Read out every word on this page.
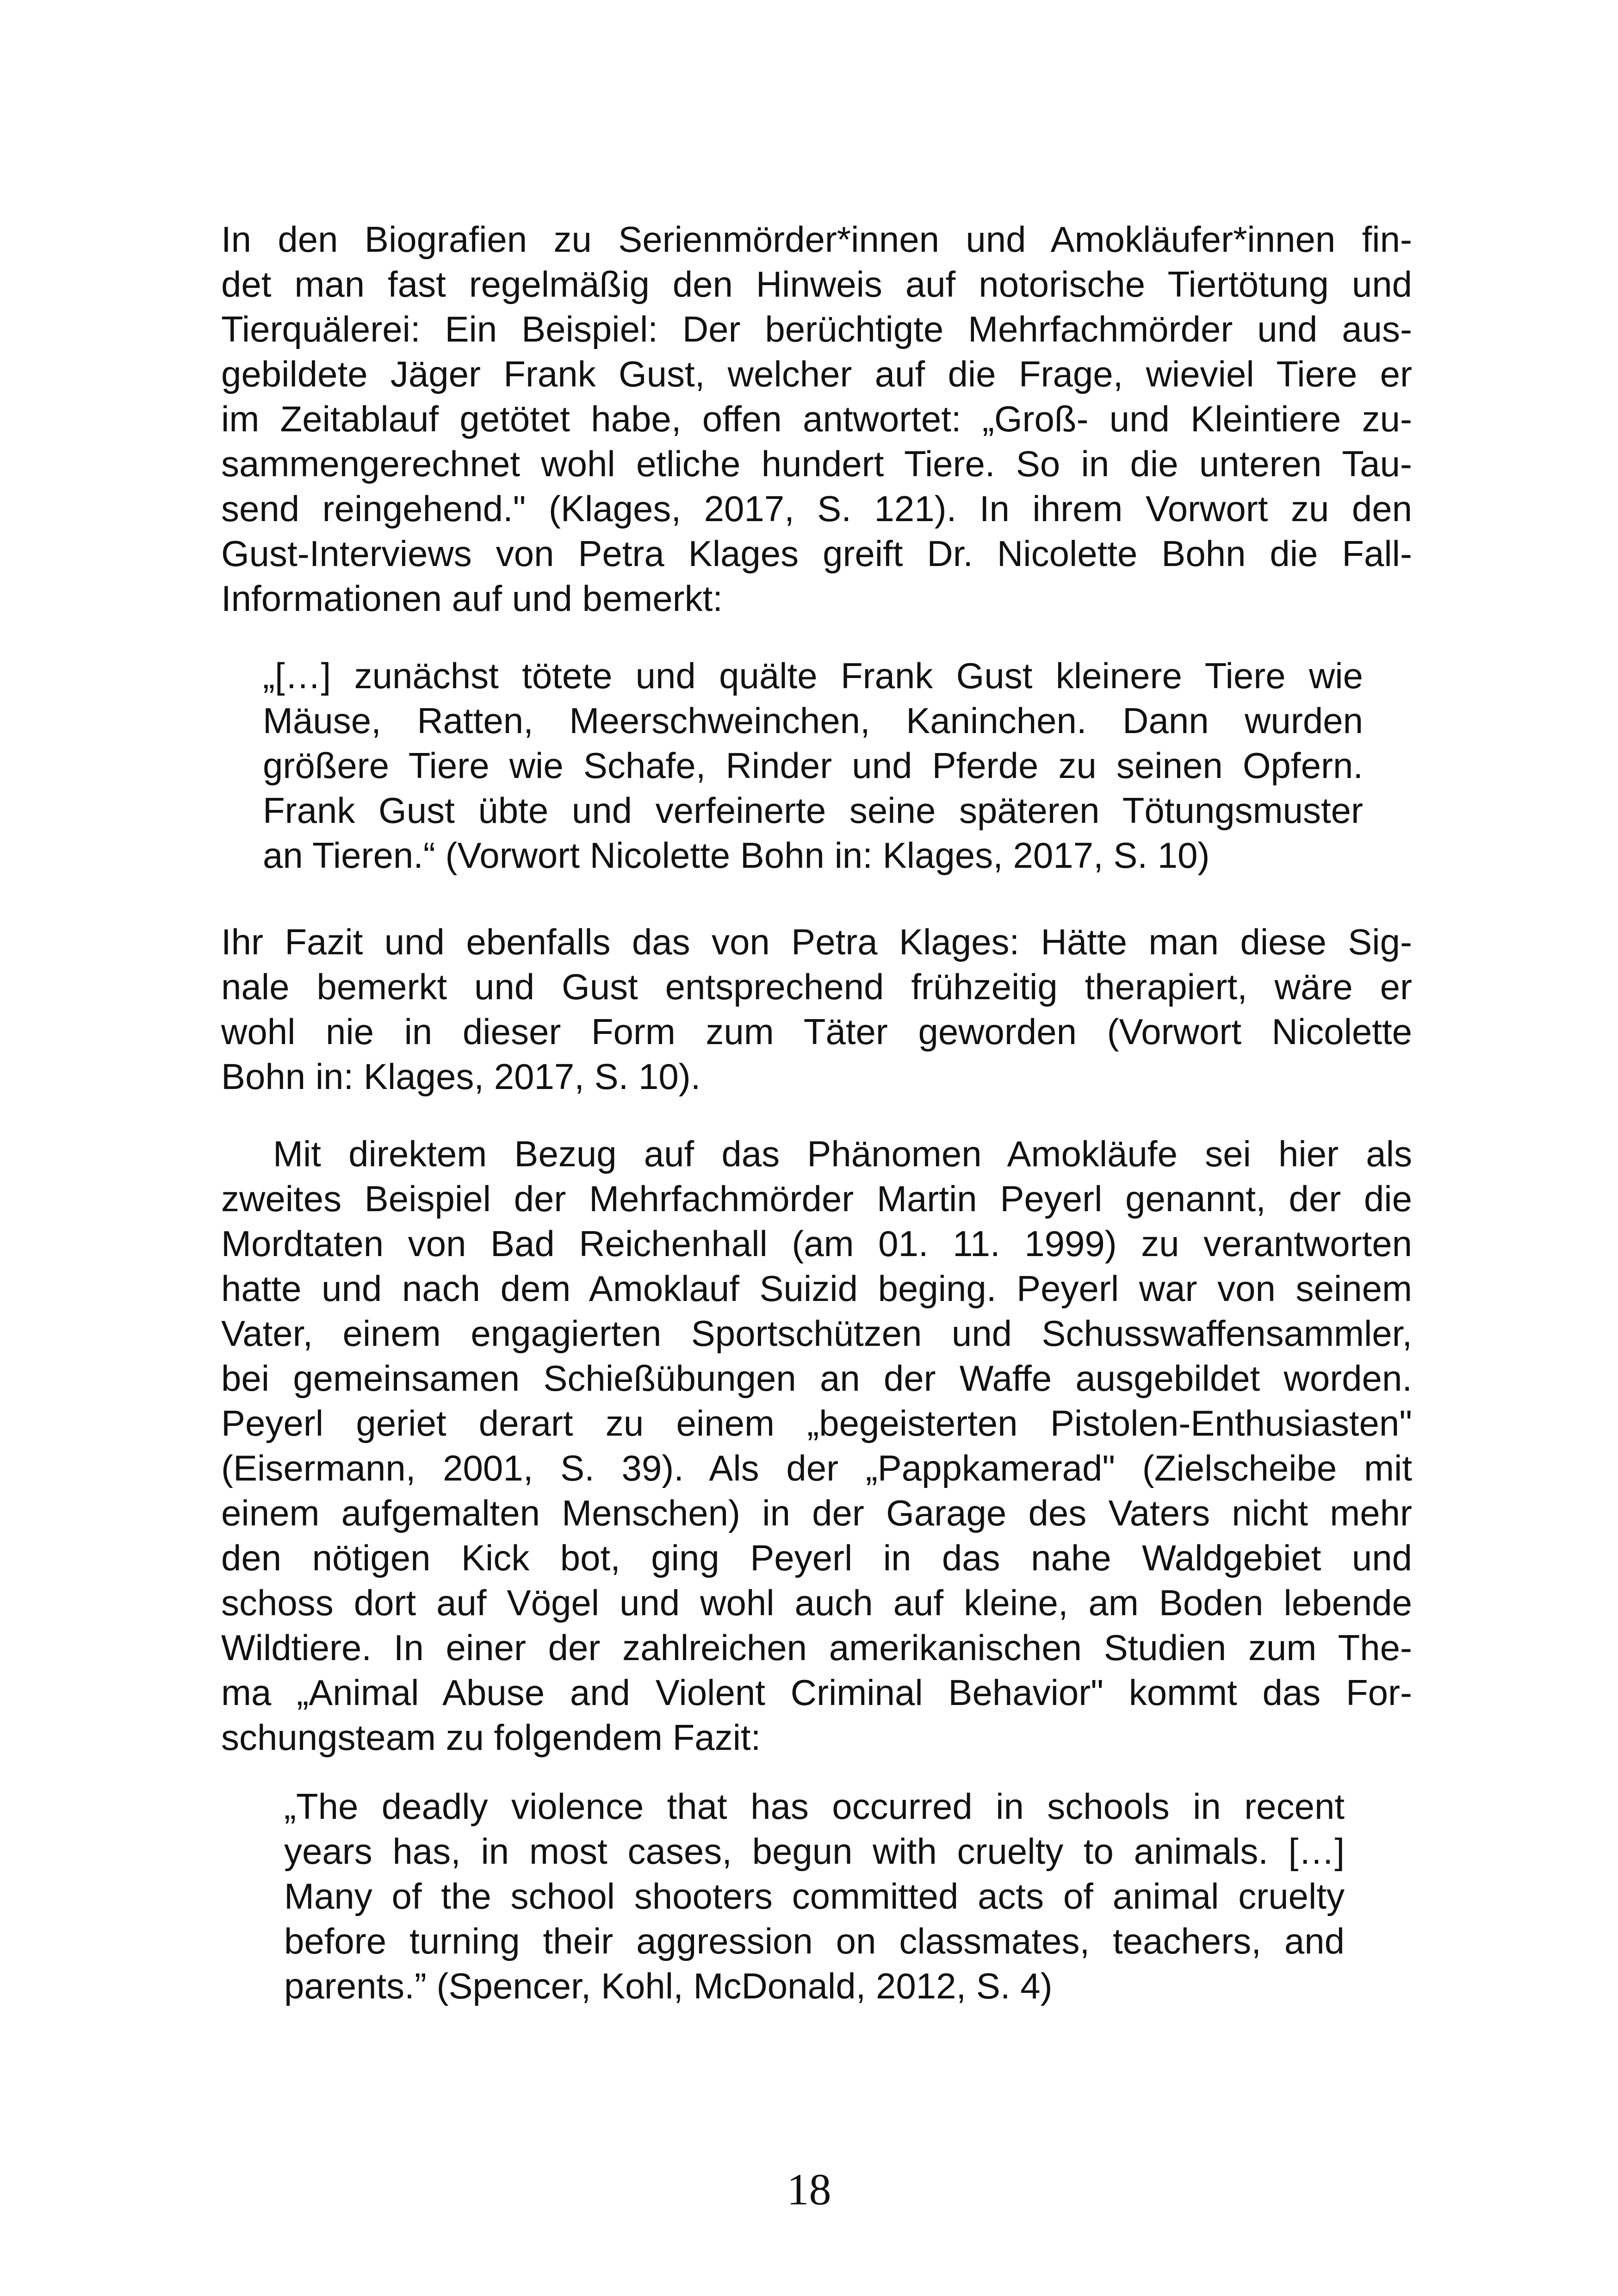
In den Biografien zu Serienmörder*innen und Amokläufer*innen fin-
det man fast regelmäßig den Hinweis auf notorische Tiertötung und
Tierquälerei: Ein Beispiel: Der berüchtigte Mehrfachmörder und aus-
gebildete Jäger Frank Gust, welcher auf die Frage, wieviel Tiere er
im Zeitablauf getötet habe, offen antwortet: „Groß- und Kleintiere zu-
sammengerechnet wohl etliche hundert Tiere. So in die unteren Tau-
send reingehend." (Klages, 2017, S. 121). In ihrem Vorwort zu den
Gust-Interviews von Petra Klages greift Dr. Nicolette Bohn die Fall-
Informationen auf und bemerkt:
„[…] zunächst tötete und quälte Frank Gust kleinere Tiere wie
Mäuse, Ratten, Meerschweinchen, Kaninchen. Dann wurden
größere Tiere wie Schafe, Rinder und Pferde zu seinen Opfern.
Frank Gust übte und verfeinerte seine späteren Tötungsmuster
an Tieren.“ (Vorwort Nicolette Bohn in: Klages, 2017, S. 10)
Ihr Fazit und ebenfalls das von Petra Klages: Hätte man diese Sig-
nale bemerkt und Gust entsprechend frühzeitig therapiert, wäre er
wohl nie in dieser Form zum Täter geworden (Vorwort Nicolette
Bohn in: Klages, 2017, S. 10).
Mit direktem Bezug auf das Phänomen Amokläufe sei hier als
zweites Beispiel der Mehrfachmörder Martin Peyerl genannt, der die
Mordtaten von Bad Reichenhall (am 01. 11. 1999) zu verantworten
hatte und nach dem Amoklauf Suizid beging. Peyerl war von seinem
Vater, einem engagierten Sportschützen und Schusswaffensammler,
bei gemeinsamen Schießübungen an der Waffe ausgebildet worden.
Peyerl geriet derart zu einem „begeisterten Pistolen-Enthusiasten"
(Eisermann, 2001, S. 39). Als der „Pappkamerad" (Zielscheibe mit
einem aufgemalten Menschen) in der Garage des Vaters nicht mehr
den nötigen Kick bot, ging Peyerl in das nahe Waldgebiet und
schoss dort auf Vögel und wohl auch auf kleine, am Boden lebende
Wildtiere. In einer der zahlreichen amerikanischen Studien zum The-
ma „Animal Abuse and Violent Criminal Behavior" kommt das For-
schungsteam zu folgendem Fazit:
„The deadly violence that has occurred in schools in recent
years has, in most cases, begun with cruelty to animals. […]
Many of the school shooters committed acts of animal cruelty
before turning their aggression on classmates, teachers, and
parents.” (Spencer, Kohl, McDonald, 2012, S. 4)
18
